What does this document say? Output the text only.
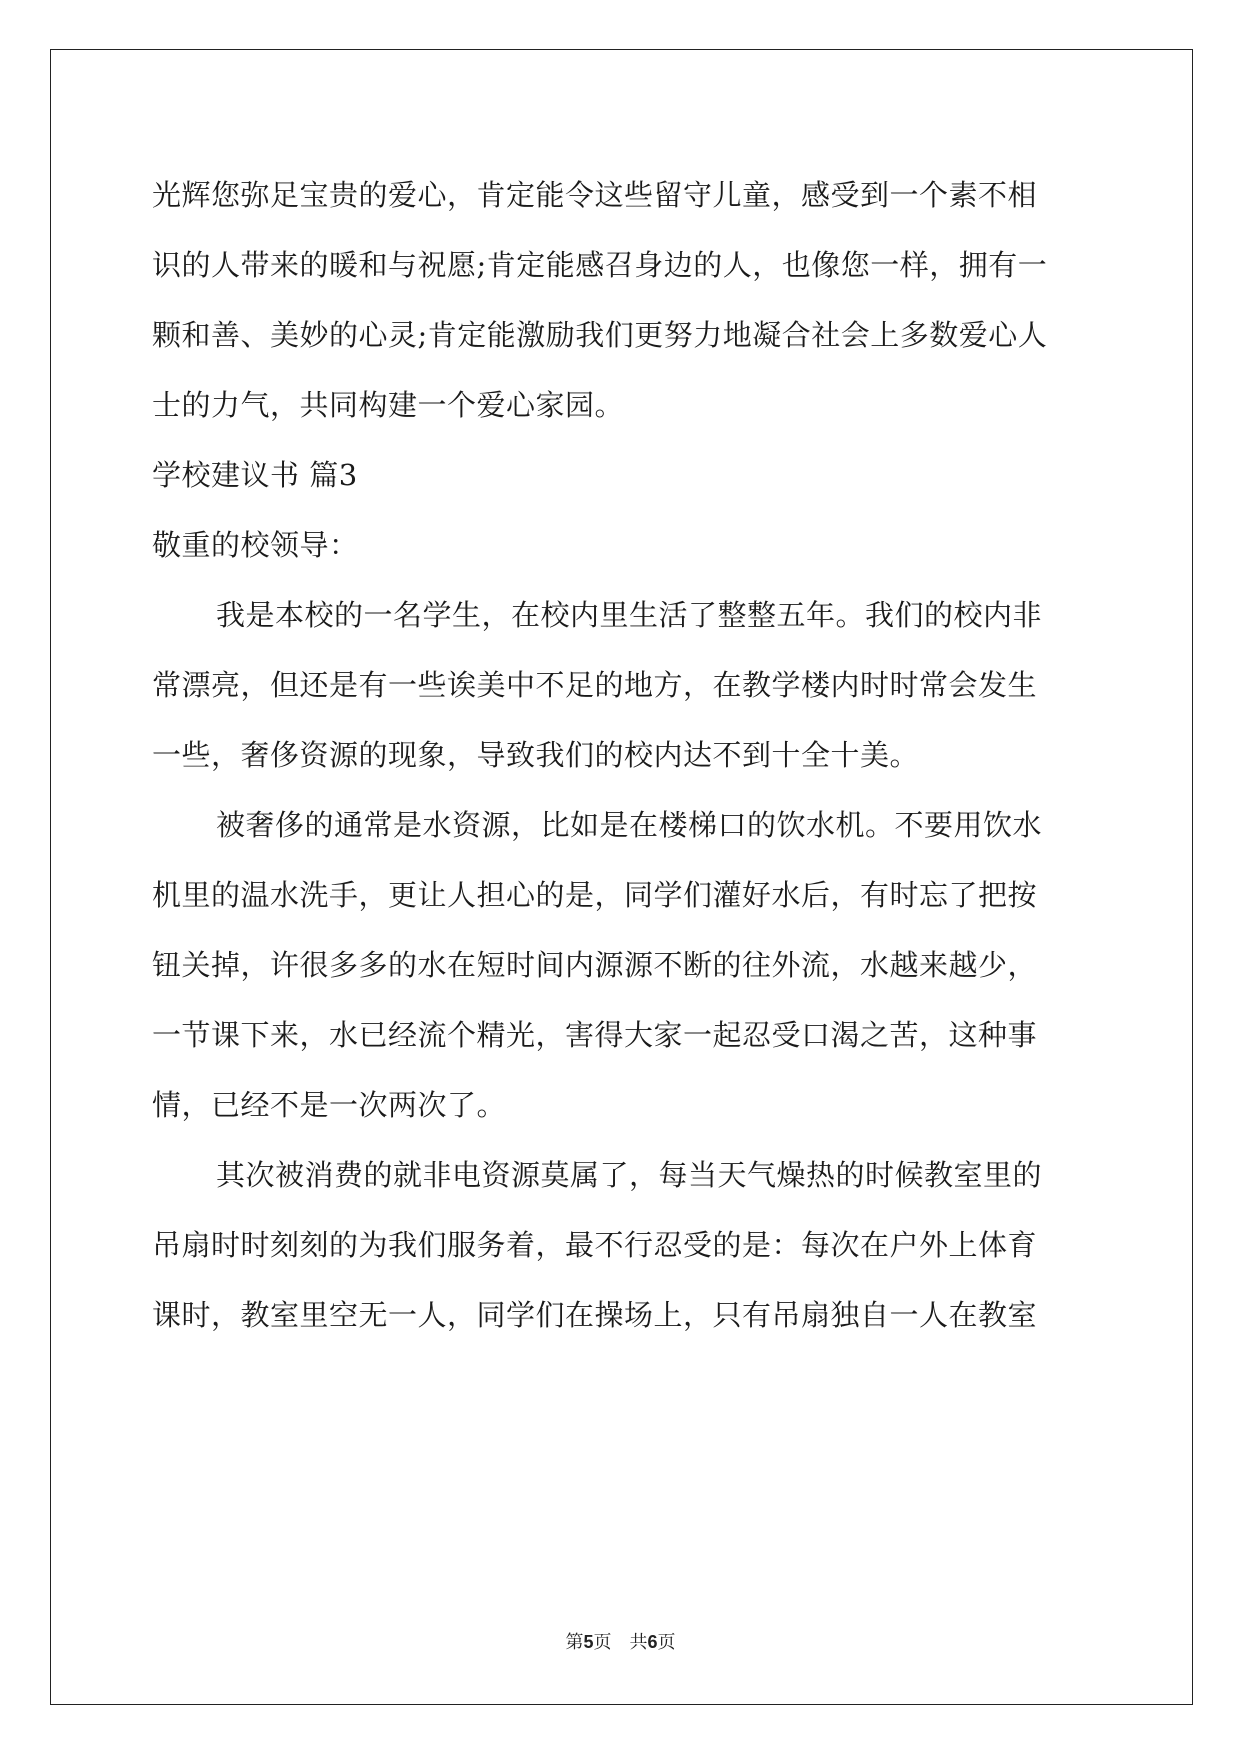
光辉您弥足宝贵的爱心，肯定能令这些留守儿童，感受到一个素不相
识的人带来的暖和与祝愿;肯定能感召身边的人，也像您一样，拥有一
颗和善、美妙的心灵;肯定能激励我们更努力地凝合社会上多数爱心人
士的力气，共同构建一个爱心家园。
学校建议书 篇3
敬重的校领导：
我是本校的一名学生，在校内里生活了整整五年。我们的校内非
常漂亮，但还是有一些诶美中不足的地方，在教学楼内时时常会发生
一些，奢侈资源的现象，导致我们的校内达不到十全十美。
被奢侈的通常是水资源，比如是在楼梯口的饮水机。不要用饮水
机里的温水洗手，更让人担心的是，同学们灌好水后，有时忘了把按
钮关掉，许很多多的水在短时间内源源不断的往外流，水越来越少，
一节课下来，水已经流个精光，害得大家一起忍受口渴之苦，这种事
情，已经不是一次两次了。
其次被消费的就非电资源莫属了，每当天气燥热的时候教室里的
吊扇时时刻刻的为我们服务着，最不行忍受的是：每次在户外上体育
课时，教室里空无一人，同学们在操场上，只有吊扇独自一人在教室
第5页　共6页
